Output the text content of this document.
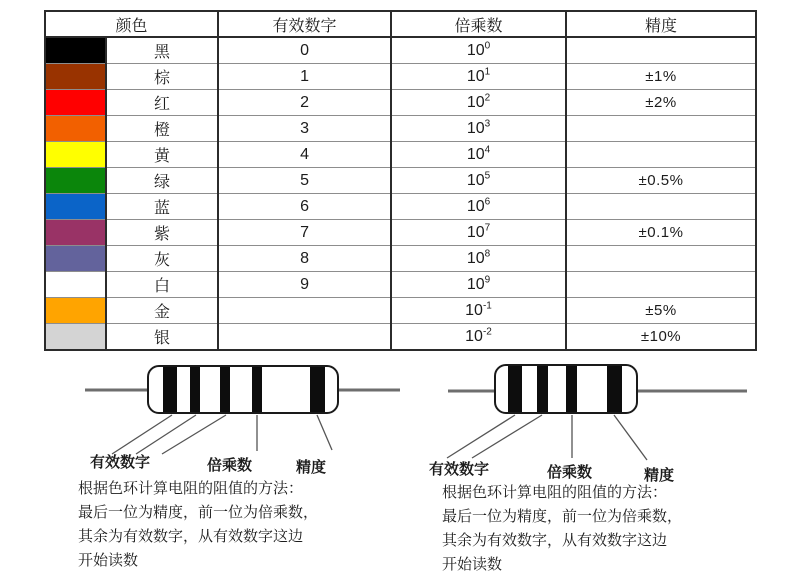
颜色		有效数字	倍乘数	精度
	黑	0	$10^0$	
	棕	1	$10^1$	±1%
	红	2	$10^2$	±2%
	橙	3	$10^3$	
	黄	4	$10^4$	
	绿	5	$10^5$	±0.5%
	蓝	6	$10^6$	
	紫	7	$10^7$	±0.1%
	灰	8	$10^8$	
	白	9	$10^9$	
	金		$10^{-1}$	±5%
	银		$10^{-2}$	±10%
有效数字	倍乘数	精度
根据色环计算电阻的阻值的方法：
最后一位为精度，前一位为倍乘数，
其余为有效数字，从有效数字这边
开始读数
有效数字	倍乘数	精度
根据色环计算电阻的阻值的方法：
最后一位为精度，前一位为倍乘数，
其余为有效数字，从有效数字这边
开始读数
